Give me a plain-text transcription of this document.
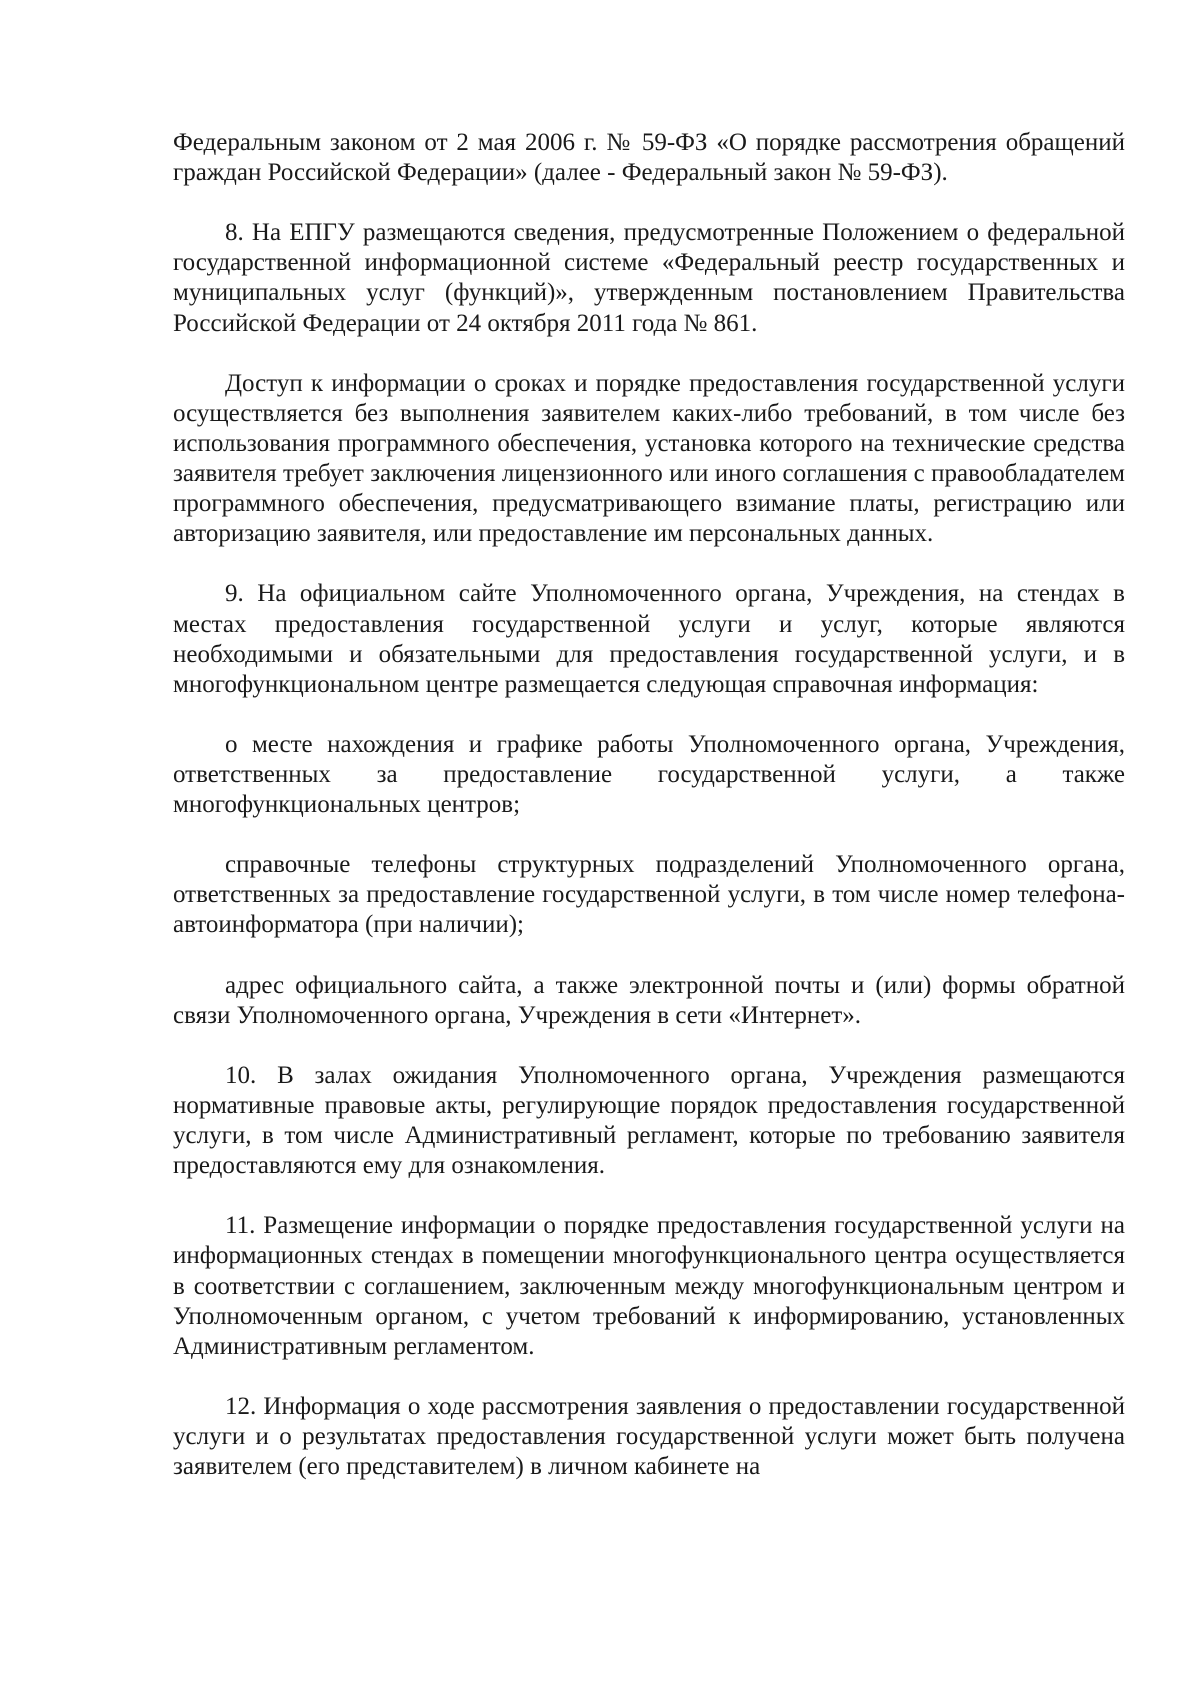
Федеральным законом от 2 мая 2006 г. № 59-ФЗ «О порядке рассмотрения обращений граждан Российской Федерации» (далее - Федеральный закон № 59-ФЗ).

8. На ЕПГУ размещаются сведения, предусмотренные Положением о федеральной государственной информационной системе «Федеральный реестр государственных и муниципальных услуг (функций)», утвержденным постановлением Правительства Российской Федерации от 24 октября 2011 года № 861.

Доступ к информации о сроках и порядке предоставления государственной услуги осуществляется без выполнения заявителем каких-либо требований, в том числе без использования программного обеспечения, установка которого на технические средства заявителя требует заключения лицензионного или иного соглашения с правообладателем программного обеспечения, предусматривающего взимание платы, регистрацию или авторизацию заявителя, или предоставление им персональных данных.

9. На официальном сайте Уполномоченного органа, Учреждения, на стендах в местах предоставления государственной услуги и услуг, которые являются необходимыми и обязательными для предоставления государственной услуги, и в многофункциональном центре размещается следующая справочная информация:

о месте нахождения и графике работы Уполномоченного органа, Учреждения, ответственных за предоставление государственной услуги, а также многофункциональных центров;

справочные телефоны структурных подразделений Уполномоченного органа, ответственных за предоставление государственной услуги, в том числе номер телефона-автоинформатора (при наличии);

адрес официального сайта, а также электронной почты и (или) формы обратной связи Уполномоченного органа, Учреждения в сети «Интернет».

10. В залах ожидания Уполномоченного органа, Учреждения размещаются нормативные правовые акты, регулирующие порядок предоставления государственной услуги, в том числе Административный регламент, которые по требованию заявителя предоставляются ему для ознакомления.

11. Размещение информации о порядке предоставления государственной услуги на информационных стендах в помещении многофункционального центра осуществляется в соответствии с соглашением, заключенным между многофункциональным центром и Уполномоченным органом, с учетом требований к информированию, установленных Административным регламентом.

12. Информация о ходе рассмотрения заявления о предоставлении государственной услуги и о результатах предоставления государственной услуги может быть получена заявителем (его представителем) в личном кабинете на
